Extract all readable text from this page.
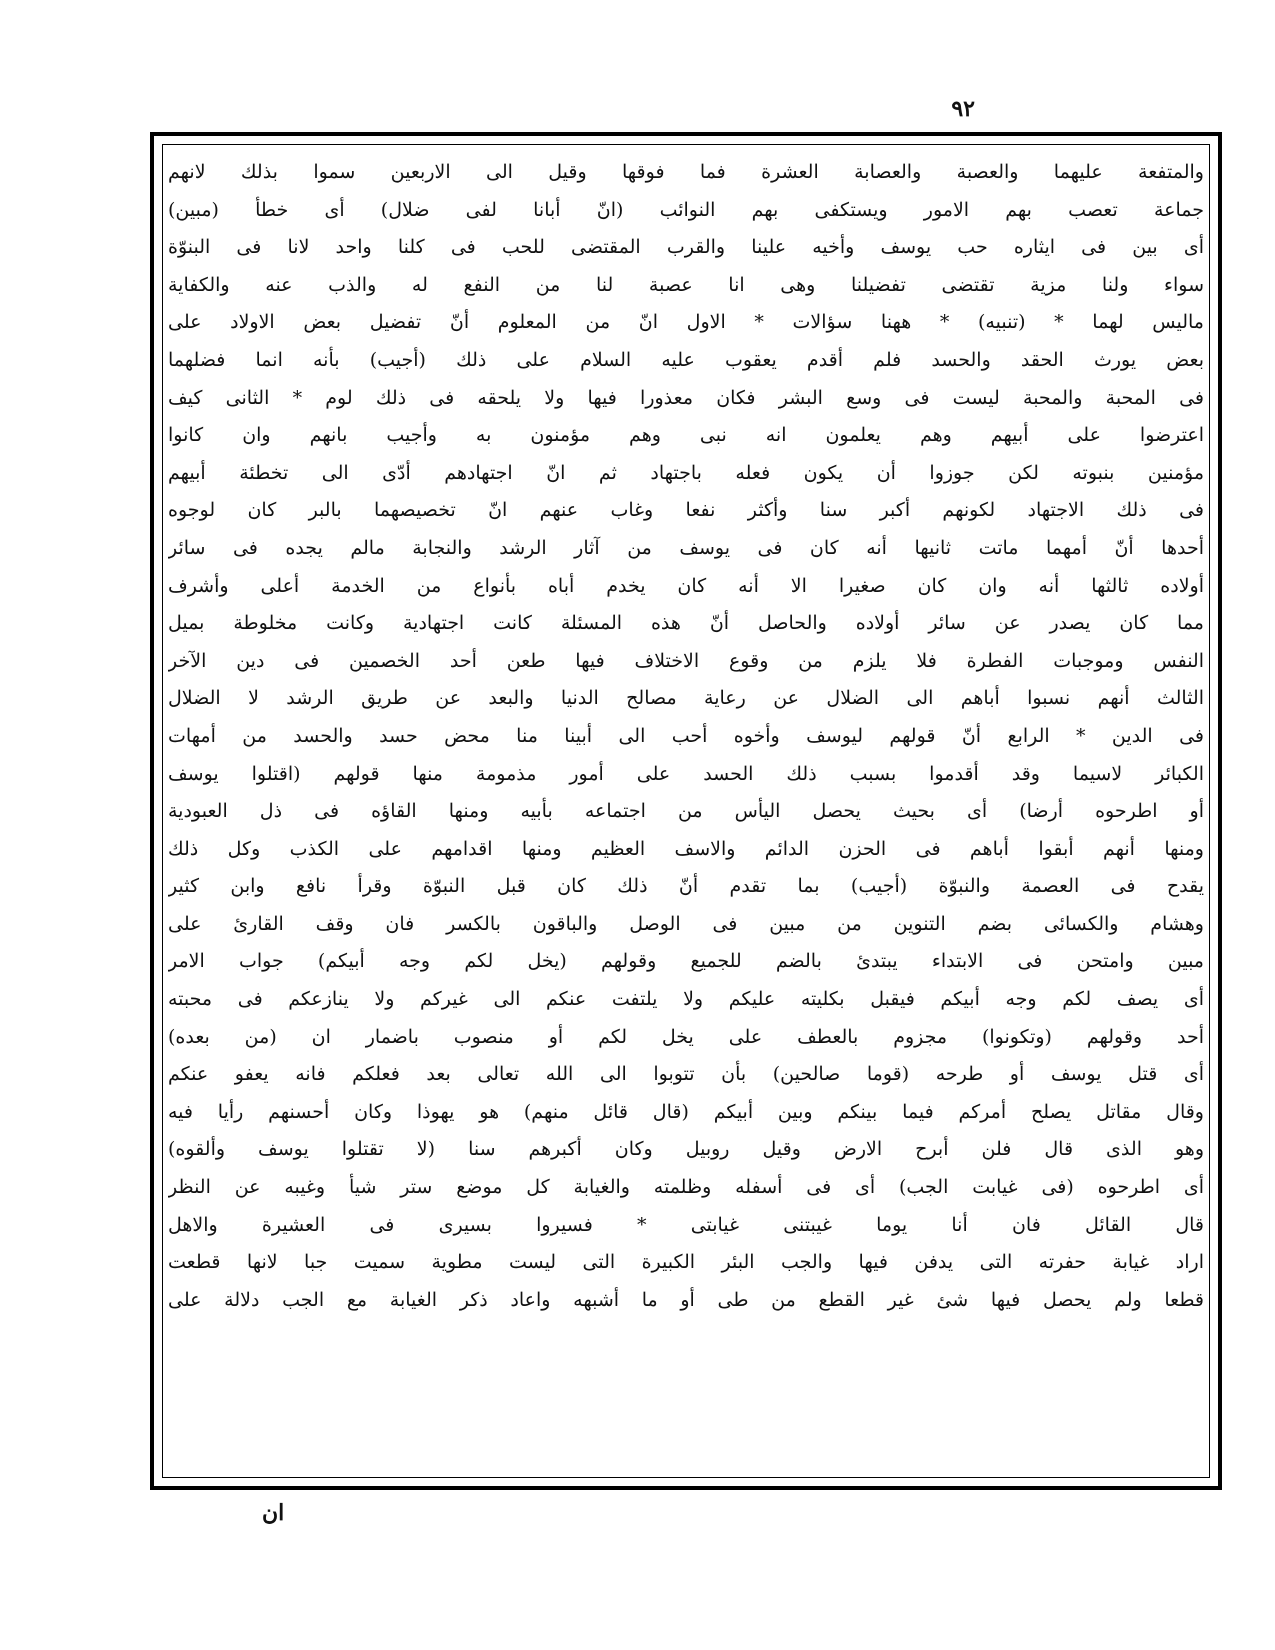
٩٢
والمتفعة عليهما والعصبة والعصابة العشرة فما فوقها وقيل الى الاربعين سموا بذلك لانهم
جماعة تعصب بهم الامور ويستكفى بهم النوائب (انّ أبانا لفى ضلال) أى خطأ (مبين)
أى بين فى ايثاره حب يوسف وأخيه علينا والقرب المقتضى للحب فى كلنا واحد لانا فى البنوّة
سواء ولنا مزية تقتضى تفضيلنا وهى انا عصبة لنا من النفع له والذب عنه والكفاية
ماليس لهما * (تنبيه) * ههنا سؤالات * الاول انّ من المعلوم أنّ تفضيل بعض الاولاد على
بعض يورث الحقد والحسد فلم أقدم يعقوب عليه السلام على ذلك (أجيب) بأنه انما فضلهما
فى المحبة والمحبة ليست فى وسع البشر فكان معذورا فيها ولا يلحقه فى ذلك لوم * الثانى كيف
اعترضوا على أبيهم وهم يعلمون انه نبى وهم مؤمنون به وأجيب بانهم وان كانوا
مؤمنين بنبوته لكن جوزوا أن يكون فعله باجتهاد ثم انّ اجتهادهم أدّى الى تخطئة أبيهم
فى ذلك الاجتهاد لكونهم أكبر سنا وأكثر نفعا وغاب عنهم انّ تخصيصهما بالبر كان لوجوه
أحدها أنّ أمهما ماتت ثانيها أنه كان فى يوسف من آثار الرشد والنجابة مالم يجده فى سائر
أولاده ثالثها أنه وان كان صغيرا الا أنه كان يخدم أباه بأنواع من الخدمة أعلى وأشرف
مما كان يصدر عن سائر أولاده والحاصل أنّ هذه المسئلة كانت اجتهادية وكانت مخلوطة بميل
النفس وموجبات الفطرة فلا يلزم من وقوع الاختلاف فيها طعن أحد الخصمين فى دين الآخر
الثالث أنهم نسبوا أباهم الى الضلال عن رعاية مصالح الدنيا والبعد عن طريق الرشد لا الضلال
فى الدين * الرابع أنّ قولهم ليوسف وأخوه أحب الى أبينا منا محض حسد والحسد من أمهات
الكبائر لاسيما وقد أقدموا بسبب ذلك الحسد على أمور مذمومة منها قولهم (اقتلوا يوسف
أو اطرحوه أرضا) أى بحيث يحصل اليأس من اجتماعه بأبيه ومنها القاؤه فى ذل العبودية
ومنها أنهم أبقوا أباهم فى الحزن الدائم والاسف العظيم ومنها اقدامهم على الكذب وكل ذلك
يقدح فى العصمة والنبوّة (أجيب) بما تقدم أنّ ذلك كان قبل النبوّة وقرأ نافع وابن كثير
وهشام والكسائى بضم التنوين من مبين فى الوصل والباقون بالكسر فان وقف القارئ على
مبين وامتحن فى الابتداء يبتدئ بالضم للجميع وقولهم (يخل لكم وجه أبيكم) جواب الامر
أى يصف لكم وجه أبيكم فيقبل بكليته عليكم ولا يلتفت عنكم الى غيركم ولا ينازعكم فى محبته
أحد وقولهم (وتكونوا) مجزوم بالعطف على يخل لكم أو منصوب باضمار ان (من بعده)
أى قتل يوسف أو طرحه (قوما صالحين) بأن تتوبوا الى الله تعالى بعد فعلكم فانه يعفو عنكم
وقال مقاتل يصلح أمركم فيما بينكم وبين أبيكم (قال قائل منهم) هو يهوذا وكان أحسنهم رأيا فيه
وهو الذى قال فلن أبرح الارض وقيل روبيل وكان أكبرهم سنا (لا تقتلوا يوسف وألقوه)
أى اطرحوه (فى غيابت الجب) أى فى أسفله وظلمته والغيابة كل موضع ستر شيأ وغيبه عن النظر
قال القائل فان أنا يوما غيبتنى غيابتى * فسيروا بسيرى فى العشيرة والاهل
اراد غيابة حفرته التى يدفن فيها والجب البئر الكبيرة التى ليست مطوية سميت جبا لانها قطعت
قطعا ولم يحصل فيها شئ غير القطع من طى أو ما أشبهه واعاد ذكر الغيابة مع الجب دلالة على
ان
